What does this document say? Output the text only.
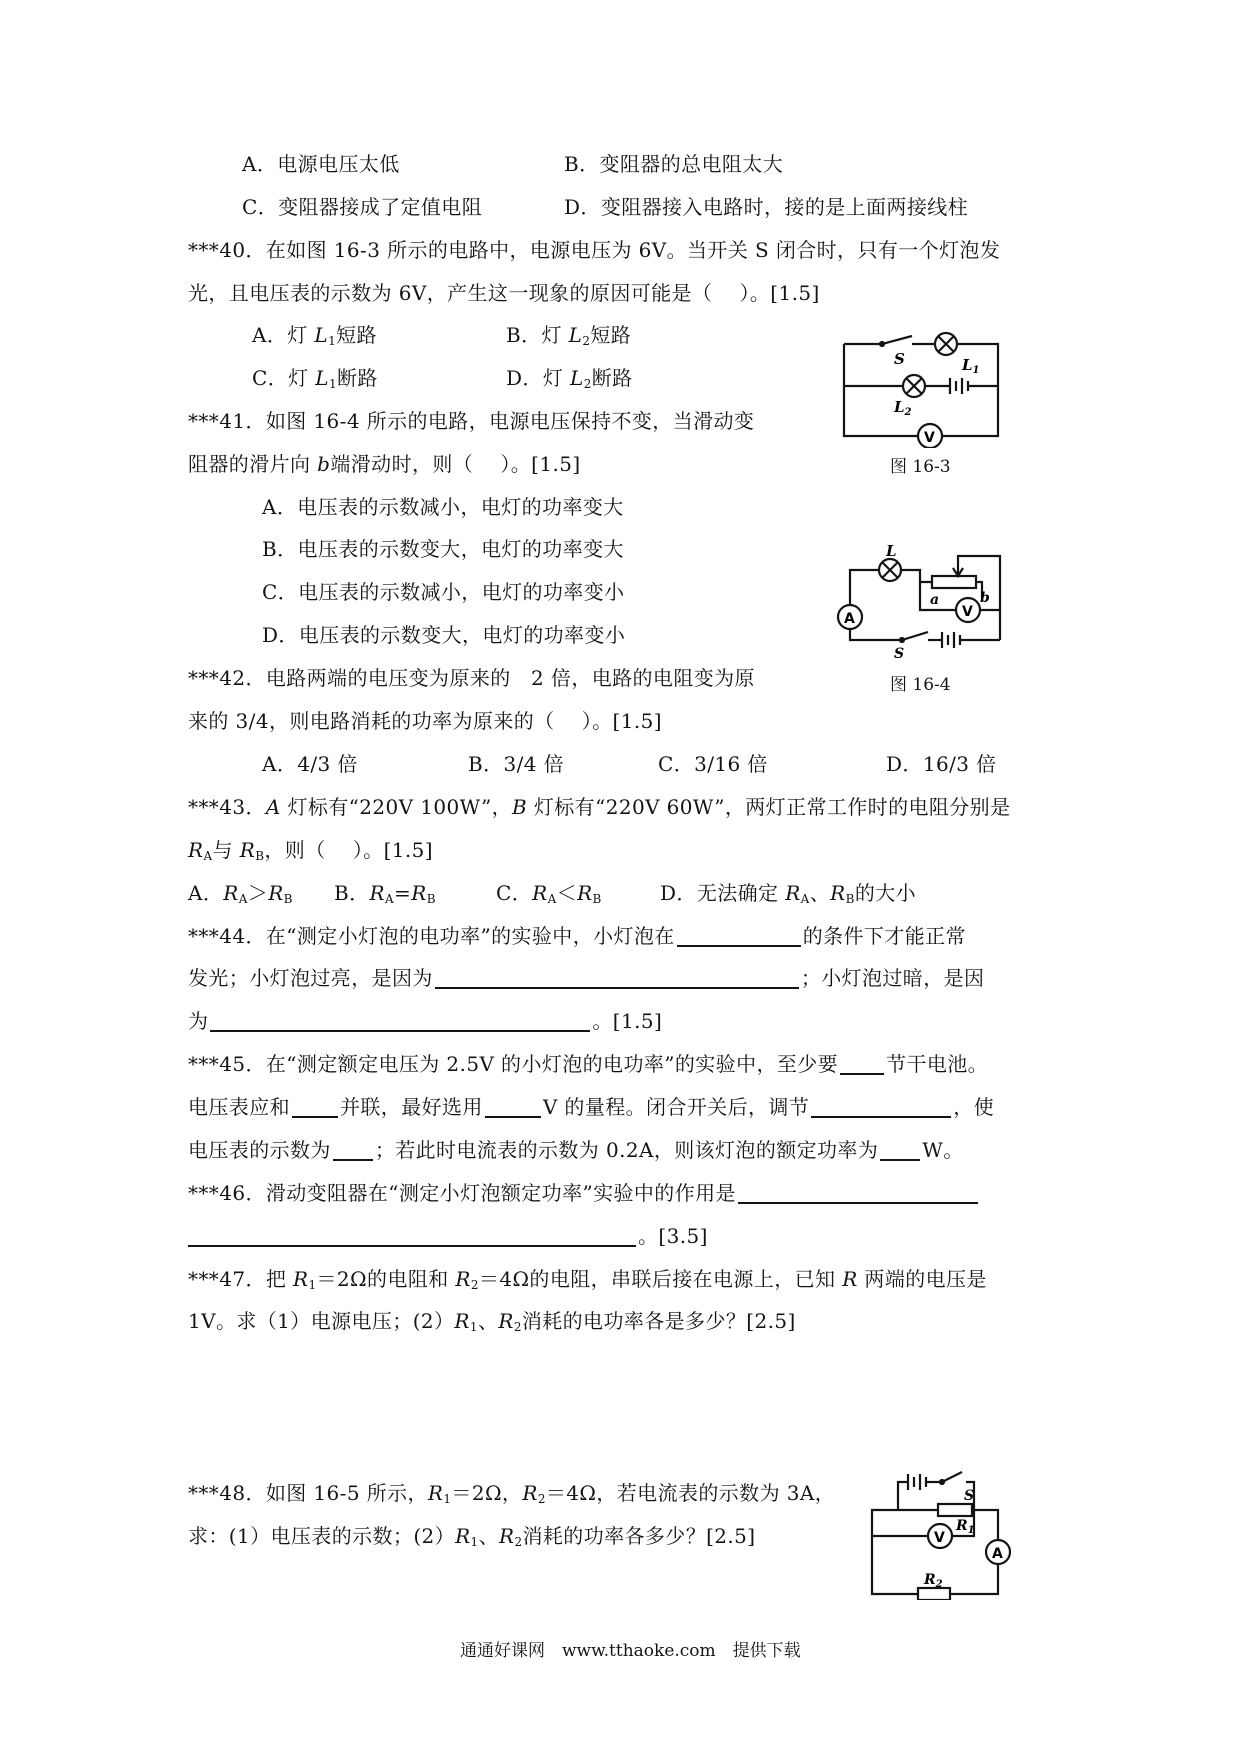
A．电源电压太低	B．变阻器的总电阻太大
C．变阻器接成了定值电阻	D．变阻器接入电路时，接的是上面两接线柱
***40．在如图 16-3 所示的电路中，电源电压为 6V。当开关 S 闭合时，只有一个灯泡发
光，且电压表的示数为 6V，产生这一现象的原因可能是（　 ）。[1.5]
A．灯 $L_1$短路	B．灯 $L_2$短路
C．灯 $L_1$断路	D．灯 $L_2$断路
S	$L_1$
$L_2$
V
图 16-3
***41．如图 16-4 所示的电路，电源电压保持不变，当滑动变
阻器的滑片向 b端滑动时，则（　 ）。[1.5]
A．电压表的示数减小，电灯的功率变大
B．电压表的示数变大，电灯的功率变大
C．电压表的示数减小，电灯的功率变小
D．电压表的示数变大，电灯的功率变小
L
a	b
V
A
S
图 16-4
***42．电路两端的电压变为原来的　2 倍，电路的电阻变为原
来的 3/4，则电路消耗的功率为原来的（　 ）。[1.5]
A．4/3 倍	B．3/4 倍	C．3/16 倍	D．16/3 倍
***43．A 灯标有“220V 100W”，B 灯标有“220V 60W”，两灯正常工作时的电阻分别是
$R_A$与 $R_B$，则（　 ）。[1.5]
A．$R_A>R_B$ B．$R_A=R_B$	C．$R_A<R_B$	D．无法确定 $R_A$、$R_B$的大小
***44．在“测定小灯泡的电功率”的实验中，小灯泡在	的条件下才能正常
发光；小灯泡过亮，是因为	；小灯泡过暗，是因
为	。[1.5]
***45．在“测定额定电压为 2.5V 的小灯泡的电功率”的实验中，至少要 节干电池。
电压表应和	并联，最好选用	V 的量程。闭合开关后，调节	，使
电压表的示数为 ；若此时电流表的示数为 0.2A，则该灯泡的额定功率为 W。
***46．滑动变阻器在“测定小灯泡额定功率”实验中的作用是
。[3.5]
***47．把 $R_1=2\Omega$的电阻和 $R_2=4\Omega$的电阻，串联后接在电源上，已知 R 两端的电压是
1V。求（1）电源电压；$(2)R_1$、$R_2$消耗的电功率各是多少？[2.5]
***48．如图 16-5 所示，$R_1=2\Omega$，$R_2=4\Omega$，若电流表的示数为 3A，
求：(1）电压表的示数；$(2)R_1$、$R_2$消耗的功率各多少？[2.5]
S
$R_1$
$R_2$
V
A
通通好课网　www.tthaoke.com　提供下载
